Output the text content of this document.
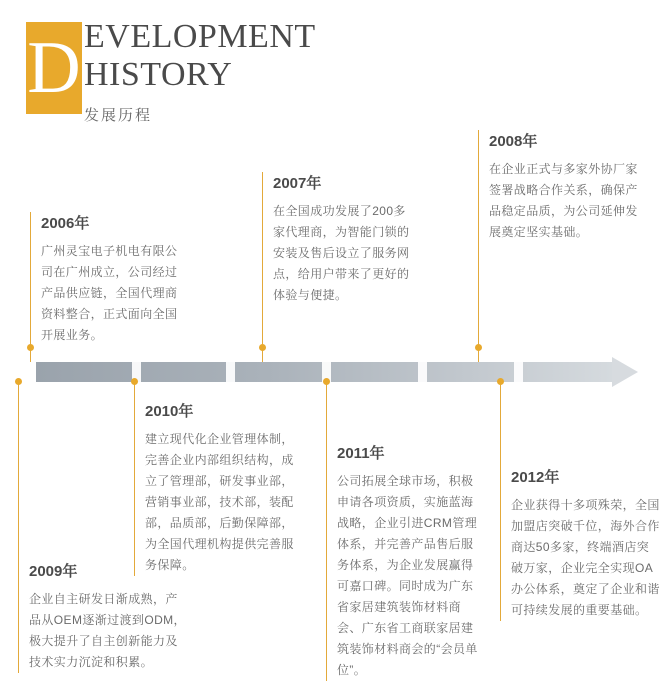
D EVELOPMENT
HISTORY
发展历程
2006年
广州灵宝电子机电有限公司在广州成立，公司经过产品供应链，全国代理商资料整合，正式面向全国开展业务。
2007年
在全国成功发展了200多家代理商，为智能门锁的安装及售后设立了服务网点，给用户带来了更好的体验与便捷。
2008年
在企业正式与多家外协厂家签署战略合作关系，确保产品稳定品质，为公司延伸发展奠定坚实基础。
2010年
建立现代化企业管理体制，完善企业内部组织结构，成立了管理部，研发事业部，营销事业部，技术部，装配部，品质部，后勤保障部，为全国代理机构提供完善服务保障。
2011年
公司拓展全球市场，积极申请各项资质，实施蓝海战略，企业引进CRM管理体系，并完善产品售后服务体系，为企业发展赢得可嘉口碑。同时成为广东省家居建筑装饰材料商会、广东省工商联家居建筑装饰材料商会的“会员单位”。
2012年
企业获得十多项殊荣，全国加盟店突破千位，海外合作商达50多家，终端酒店突破万家，企业完全实现OA办公体系，奠定了企业和谐可持续发展的重要基础。
2009年
企业自主研发日渐成熟，产品从OEM逐渐过渡到ODM，极大提升了自主创新能力及技术实力沉淀和积累。
